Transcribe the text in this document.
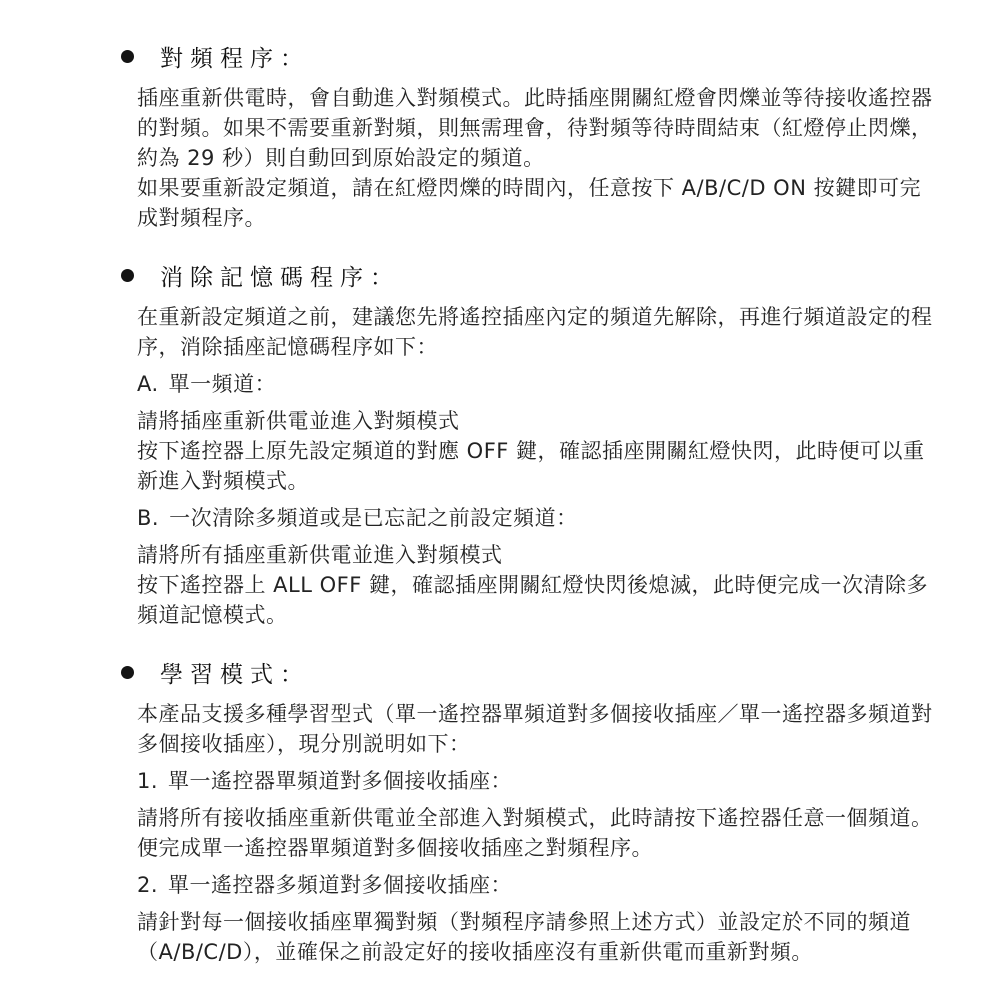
對頻程序：

插座重新供電時，會自動進入對頻模式。此時插座開關紅燈會閃爍並等待接收遙控器

的對頻。如果不需要重新對頻，則無需理會，待對頻等待時間結束（紅燈停止閃爍，

約為 29 秒）則自動回到原始設定的頻道。

如果要重新設定頻道，請在紅燈閃爍的時間內，任意按下 A/B/C/D ON 按鍵即可完

成對頻程序。

消除記憶碼程序：

在重新設定頻道之前，建議您先將遙控插座內定的頻道先解除，再進行頻道設定的程

序，消除插座記憶碼程序如下：

A. 單一頻道：

請將插座重新供電並進入對頻模式

按下遙控器上原先設定頻道的對應 OFF 鍵，確認插座開關紅燈快閃，此時便可以重

新進入對頻模式。

B. 一次清除多頻道或是已忘記之前設定頻道：

請將所有插座重新供電並進入對頻模式

按下遙控器上 ALL OFF 鍵，確認插座開關紅燈快閃後熄滅，此時便完成一次清除多

頻道記憶模式。

學習模式：

本產品支援多種學習型式（單一遙控器單頻道對多個接收插座／單一遙控器多頻道對

多個接收插座），現分別説明如下：

1. 單一遙控器單頻道對多個接收插座：

請將所有接收插座重新供電並全部進入對頻模式，此時請按下遙控器任意一個頻道。

便完成單一遙控器單頻道對多個接收插座之對頻程序。

2. 單一遙控器多頻道對多個接收插座：

請針對每一個接收插座單獨對頻（對頻程序請參照上述方式）並設定於不同的頻道

（A/B/C/D），並確保之前設定好的接收插座沒有重新供電而重新對頻。
